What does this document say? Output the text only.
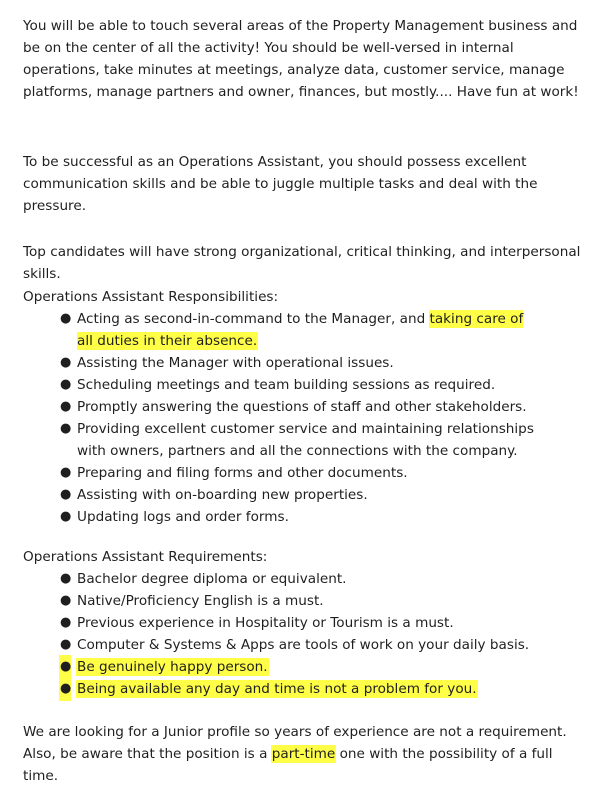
You will be able to touch several areas of the Property Management business and be on the center of all the activity! You should be well-versed in internal operations, take minutes at meetings, analyze data, customer service, manage platforms, manage partners and owner, finances, but mostly.... Have fun at work!

To be successful as an Operations Assistant, you should possess excellent communication skills and be able to juggle multiple tasks and deal with the pressure.

Top candidates will have strong organizational, critical thinking, and interpersonal skills.

Operations Assistant Responsibilities:

● Acting as second-in-command to the Manager, and taking care of all duties in their absence.
● Assisting the Manager with operational issues.
● Scheduling meetings and team building sessions as required.
● Promptly answering the questions of staff and other stakeholders.
● Providing excellent customer service and maintaining relationships with owners, partners and all the connections with the company.
● Preparing and filing forms and other documents.
● Assisting with on-boarding new properties.
● Updating logs and order forms.

Operations Assistant Requirements:

● Bachelor degree diploma or equivalent.
● Native/Proficiency English is a must.
● Previous experience in Hospitality or Tourism is a must.
● Computer & Systems & Apps are tools of work on your daily basis.
● Be genuinely happy person.
● Being available any day and time is not a problem for you.

We are looking for a Junior profile so years of experience are not a requirement. Also, be aware that the position is a part-time one with the possibility of a full time.
